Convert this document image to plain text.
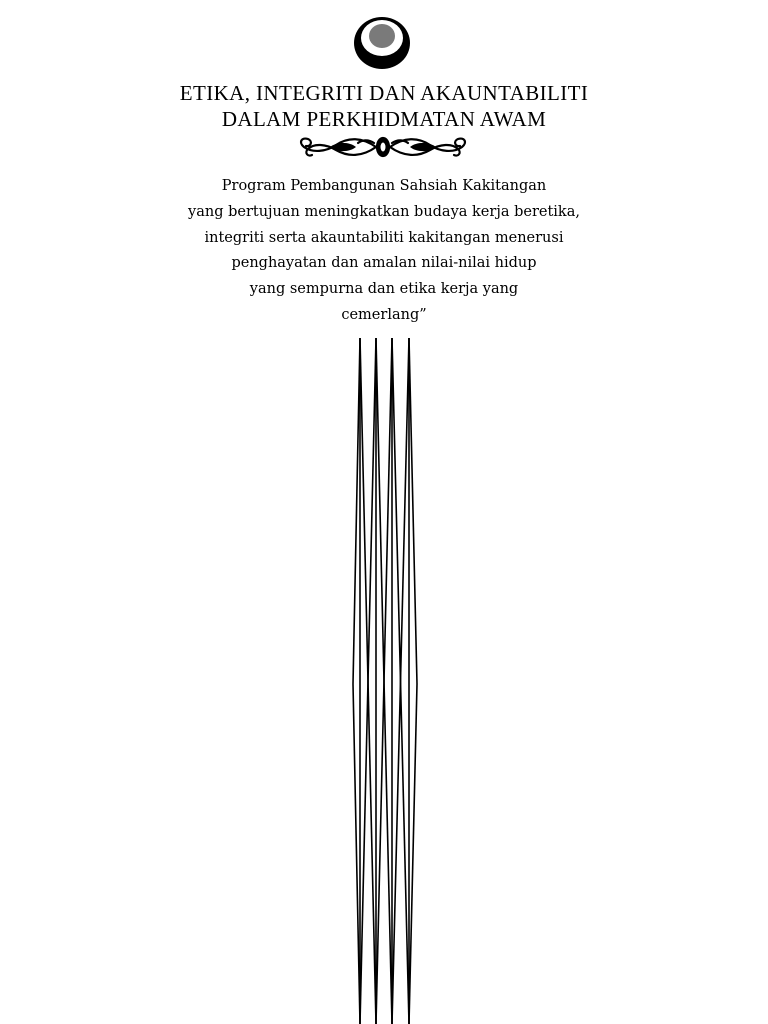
ETIKA, INTEGRITI DAN AKAUNTABILITI
DALAM PERKHIDMATAN AWAM
Program Pembangunan Sahsiah Kakitangan
yang bertujuan meningkatkan budaya kerja beretika,
integriti serta akauntabiliti kakitangan menerusi
penghayatan dan amalan nilai-nilai hidup
yang sempurna dan etika kerja yang
cemerlang”
